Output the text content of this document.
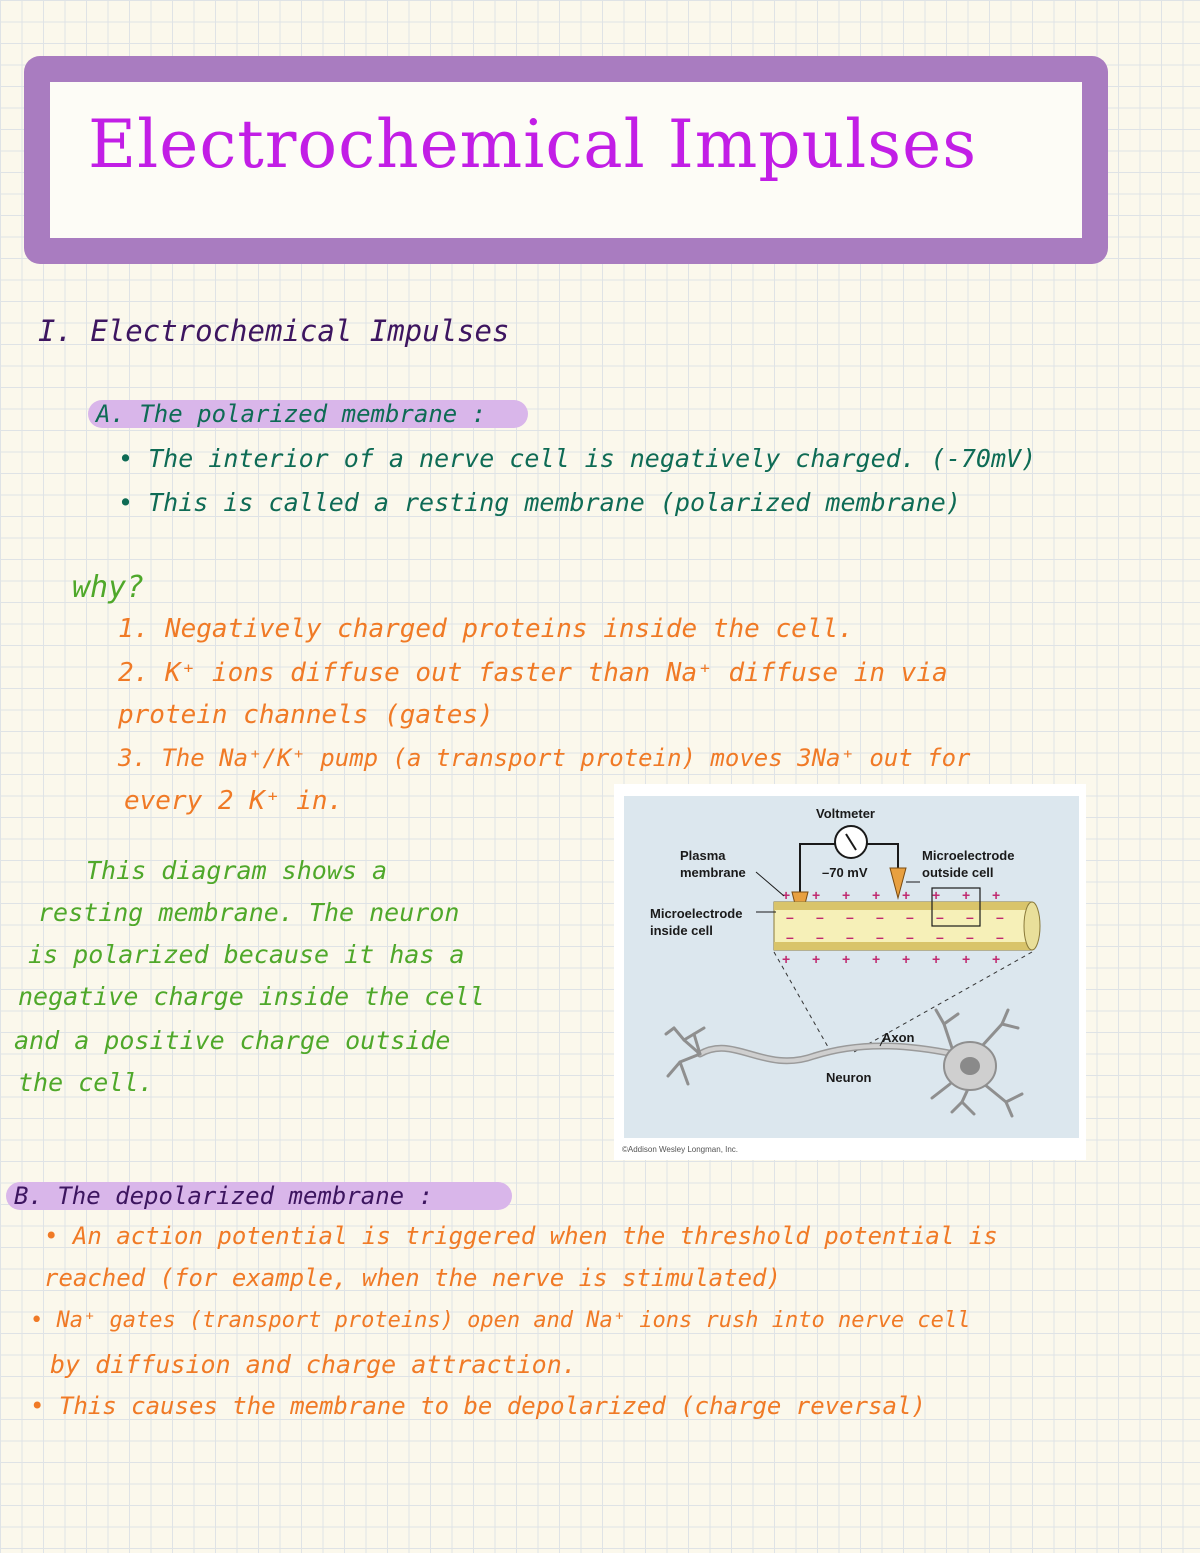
Electrochemical Impulses
I. Electrochemical Impulses
A. The polarized membrane :
• The interior of a nerve cell is negatively charged. (-70mV)
• This is called a resting membrane (polarized membrane)
why?
1. Negatively charged proteins inside the cell.
2. K⁺ ions diffuse out faster than Na⁺ diffuse in via
protein channels (gates)
3. The Na⁺/K⁺ pump (a transport protein) moves 3Na⁺ out for
every 2 K⁺ in.
This diagram shows a
resting membrane. The neuron
is polarized because it has a
negative charge inside the cell
and a positive charge outside
the cell.
+ + + + + + + +
+ + + + + + + +
– – – – – – – –
– – – – – – – –
Voltmeter
Plasma
membrane	–70 mV
Microelectrode
outside cell
Microelectrode
inside cell
Axon
Neuron
©Addison Wesley Longman, Inc.
B. The depolarized membrane :
• An action potential is triggered when the threshold potential is
reached (for example, when the nerve is stimulated)
• Na⁺ gates (transport proteins) open and Na⁺ ions rush into nerve cell
by diffusion and charge attraction.
• This causes the membrane to be depolarized (charge reversal)
